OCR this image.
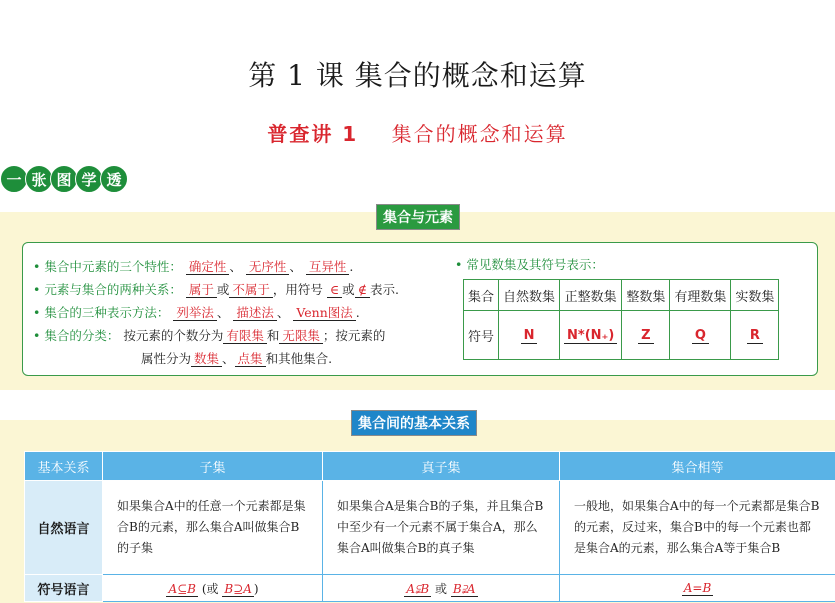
第 1 课 集合的概念和运算
普查讲 1 集合的概念和运算
一 张 图 学 透
集合与元素
• 集合中元素的三个特性： 确定性 、 无序性 、 互异性 .
• 元素与集合的两种关系： 属于 或 不属于 ，用符号 ∈ 或 ∉ 表示.
• 集合的三种表示方法： 列举法 、 描述法 、 Venn图法 .
• 集合的分类： 按元素的个数分为 有限集 和 无限集 ；按元素的
属性分为 数集 、 点集 和其他集合.
• 常见数集及其符号表示：
集合	自然数集	正整数集	整数集	有理数集	实数集
符号	N	N*(N₊)	Z	Q	R
集合间的基本关系
基本关系	子集	真子集	集合相等
自然语言	如果集合A中的任意一个元素都是集合B的元素，那么集合A叫做集合B的子集	如果集合A是集合B的子集，并且集合B中至少有一个元素不属于集合A，那么集合A叫做集合B的真子集	一般地，如果集合A中的每一个元素都是集合B的元素，反过来，集合B中的每一个元素也都是集合A的元素，那么集合A等于集合B
符号语言	A⊆B (或 B⊇A )	A⫋B 或 B⫌A	A=B
